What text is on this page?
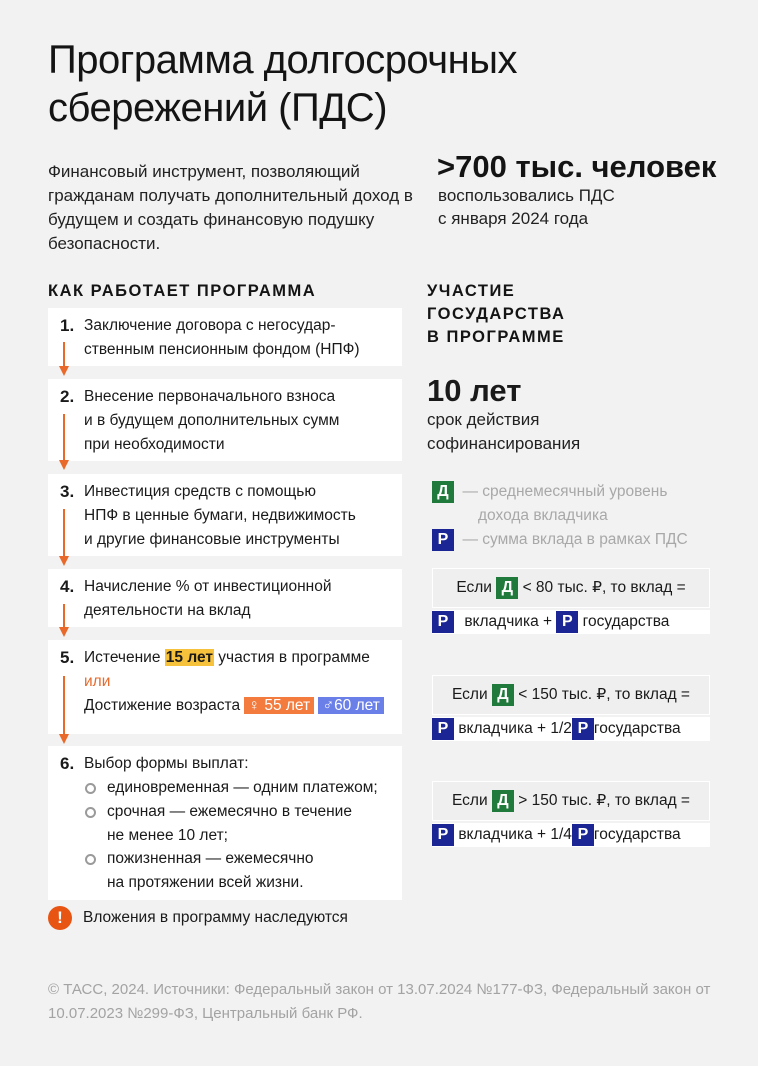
Программа долгосрочных
сбережений (ПДС)
Финансовый инструмент, позволяющий гражданам получать дополнительный доход в будущем и создать финансовую подушку безопасности.
>700 тыс. человек
воспользовались ПДС
с января 2024 года
КАК РАБОТАЕТ ПРОГРАММА
1. Заключение договора с негосудар-
ственным пенсионным фондом (НПФ)
2. Внесение первоначального взноса
и в будущем дополнительных сумм
при необходимости
3. Инвестиция средств с помощью
НПФ в ценные бумаги, недвижимость
и другие финансовые инструменты
4. Начисление % от инвестиционной
деятельности на вклад
5. Истечение 15 лет участия в программе
или
Достижение возраста ♀ 55 лет ♂60 лет
6. Выбор формы выплат:
единовременная — одним платежом;
срочная — ежемесячно в течение
не менее 10 лет;
пожизненная — ежемесячно
на протяжении всей жизни.
!	Вложения в программу наследуются
УЧАСТИЕ
ГОСУДАРСТВА
В ПРОГРАММЕ
10 лет
срок действия
софинансирования
Д — среднемесячный уровень
дохода вкладчика
Р — сумма вклада в рамках ПДС
Если Д < 80 тыс. ₽, то вклад =
Р вкладчика + Р государства
Если Д < 150 тыс. ₽, то вклад =
Р вкладчика + 1/2 Р государства
Если Д > 150 тыс. ₽, то вклад =
Р вкладчика + 1/4 Р государства
© ТАСС, 2024. Источники: Федеральный закон от 13.07.2024 №177-ФЗ, Федеральный закон от 10.07.2023 №299-ФЗ, Центральный банк РФ.
